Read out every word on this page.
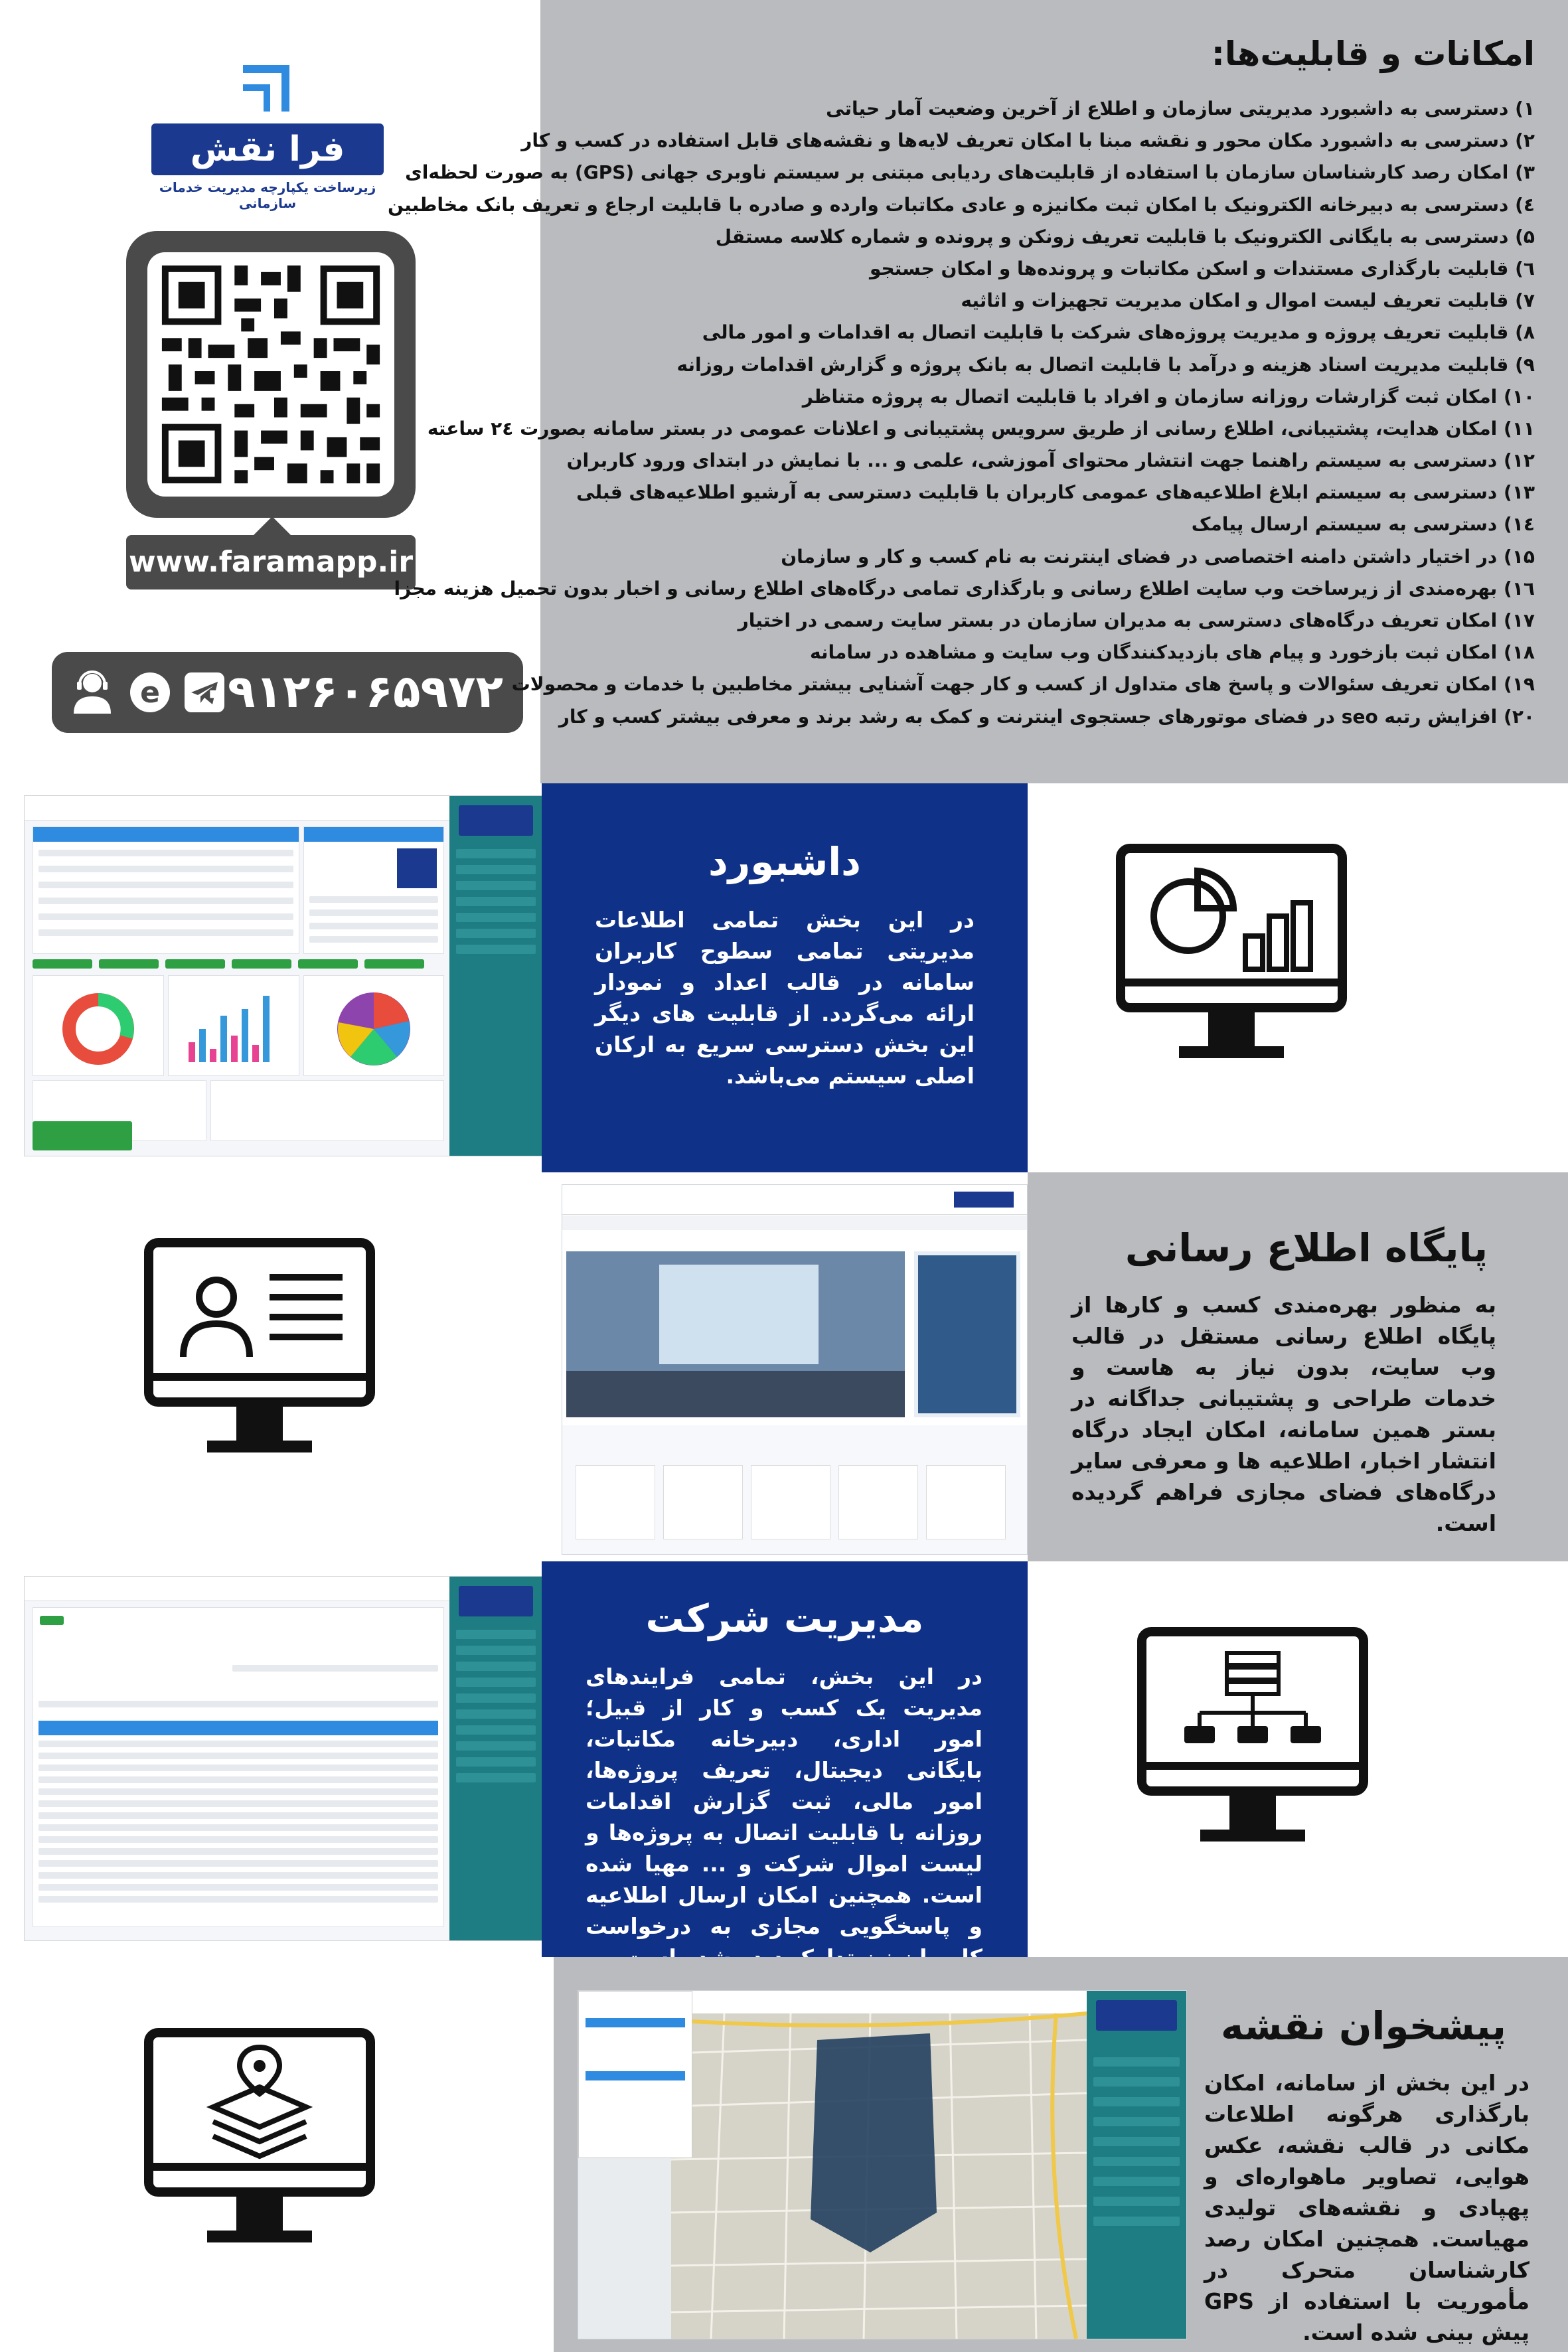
فرا نقش
زیرساخت یکپارچه مدیریت خدمات سازمانی
www.faramapp.ir
e ۰۹۱۲۶۰۶۵۹۷۲
امکانات و قابلیت‌ها:
۱) دسترسی به داشبورد مدیریتی سازمان و اطلاع از آخرین وضعیت آمار حیاتی
۲) دسترسی به داشبورد مکان محور و نقشه مبنا با امکان تعریف لایه‌ها و نقشه‌های قابل استفاده در کسب و کار
۳) امکان رصد کارشناسان سازمان با استفاده از قابلیت‌های ردیابی مبتنی بر سیستم ناوبری جهانی (GPS) به صورت لحظه‌ای
٤) دسترسی به دبیرخانه الکترونیک با امکان ثبت مکانیزه و عادی مکاتبات وارده و صادره با قابلیت ارجاع و تعریف بانک مخاطبین
۵) دسترسی به بایگانی الکترونیک با قابلیت تعریف زونکن و پرونده و شماره کلاسه مستقل
٦) قابلیت بارگذاری مستندات و اسکن مکاتبات و پرونده‌ها و امکان جستجو
۷) قابلیت تعریف لیست اموال و امکان مدیریت تجهیزات و اثاثیه
۸) قابلیت تعریف پروژه و مدیریت پروژه‌های شرکت با قابلیت اتصال به اقدامات و امور مالی
۹) قابلیت مدیریت اسناد هزینه و درآمد با قابلیت اتصال به بانک پروژه و گزارش اقدامات روزانه
۱۰) امکان ثبت گزارشات روزانه سازمان و افراد با قابلیت اتصال به پروژه متناظر
۱۱) امکان هدایت، پشتیبانی، اطلاع رسانی از طریق سرویس پشتیبانی و اعلانات عمومی در بستر سامانه بصورت ۲٤ ساعته
۱۲) دسترسی به سیستم راهنما جهت انتشار محتوای آموزشی، علمی و ... با نمایش در ابتدای ورود کاربران
۱۳) دسترسی به سیستم ابلاغ اطلاعیه‌های عمومی کاربران با قابلیت دسترسی به آرشیو اطلاعیه‌های قبلی
۱٤) دسترسی به سیستم ارسال پیامک
۱۵) در اختیار داشتن دامنه اختصاصی در فضای اینترنت به نام کسب و کار و سازمان
۱٦) بهره‌مندی از زیرساخت وب سایت اطلاع رسانی و بارگذاری تمامی درگاه‌های اطلاع رسانی و اخبار بدون تحمیل هزینه مجزا
۱۷) امکان تعریف درگاه‌های دسترسی به مدیران سازمان در بستر سایت رسمی در اختیار
۱۸) امکان ثبت بازخورد و پیام های بازدیدکنندگان وب سایت و مشاهده در سامانه
۱۹) امکان تعریف سئوالات و پاسخ های متداول از کسب و کار جهت آشنایی بیشتر مخاطبین با خدمات و محصولات
۲۰) افزایش رتبه seo در فضای موتورهای جستجوی اینترنت و کمک به رشد برند و معرفی بیشتر کسب و کار
داشبورد
در این بخش تمامی اطلاعات مدیریتی تمامی سطوح کاربران سامانه در قالب اعداد و نمودار ارائه می‌گردد. از قابلیت های دیگر این بخش دسترسی سریع به ارکان اصلی سیستم می‌باشد.
پایگاه اطلاع رسانی
به منظور بهره‌مندی کسب و کارها از پایگاه اطلاع رسانی مستقل در قالب وب سایت، بدون نیاز به هاست و خدمات طراحی و پشتیبانی جداگانه در بستر همین سامانه، امکان ایجاد درگاه انتشار اخبار، اطلاعیه ها و معرفی سایر درگاه‌های فضای مجازی فراهم گردیده است.
مدیریت شرکت
در این بخش، تمامی فرایندهای مدیریت یک کسب و کار از قبیل؛ امور اداری، دبیرخانه مکاتبات، بایگانی دیجیتال، تعریف پروژه‌ها، امور مالی، ثبت گزارش اقدامات روزانه با قابلیت اتصال به پروژه‌ها و لیست اموال شرکت و ... مهیا شده است. همچنین امکان ارسال اطلاعیه و پاسخگویی مجازی به درخواست
پیشخوان نقشه
در این بخش از سامانه، امکان بارگذاری هرگونه اطلاعات مکانی در قالب نقشه، عکس هوایی، تصاویر ماهواره‌ای و پهپادی و نقشه‌های تولیدی مهیاست. همچنین امکان رصد کارشناسان متحرک در مأموریت با استفاده از GPS پیش بینی شده است.
